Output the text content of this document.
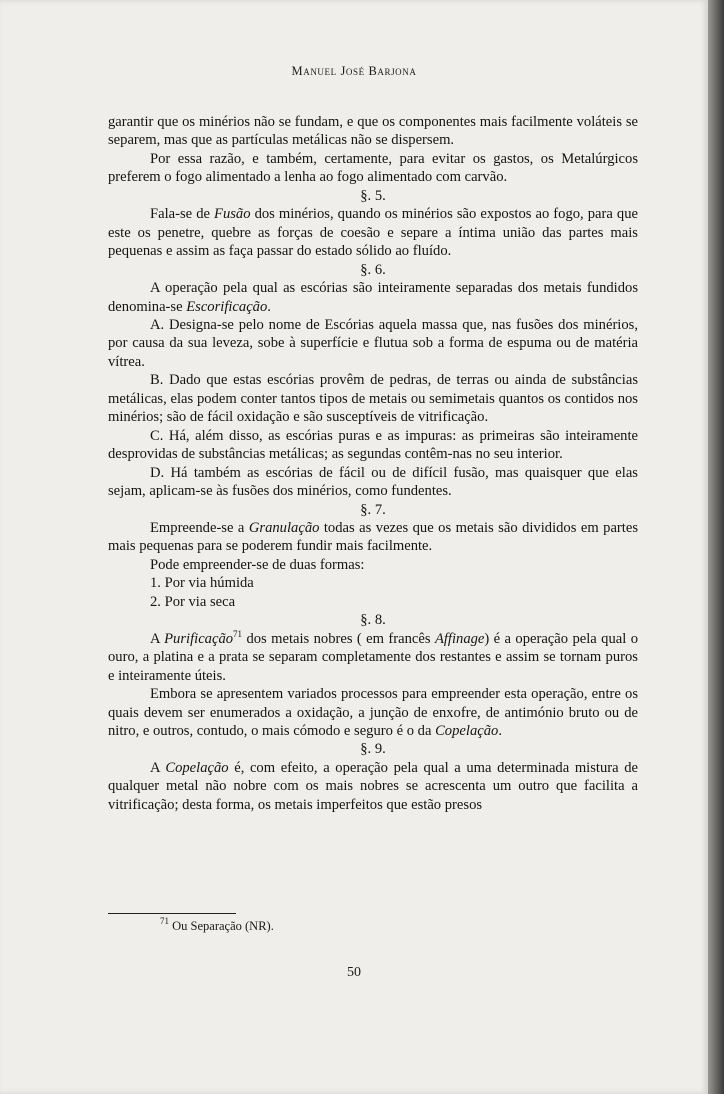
Manuel José Barjona

garantir que os minérios não se fundam, e que os componentes mais facilmente voláteis se separem, mas que as partículas metálicas não se dispersem.

Por essa razão, e também, certamente, para evitar os gastos, os Metalúrgicos preferem o fogo alimentado a lenha ao fogo alimentado com carvão.

§. 5.

Fala-se de Fusão dos minérios, quando os minérios são expostos ao fogo, para que este os penetre, quebre as forças de coesão e separe a íntima união das partes mais pequenas e assim as faça passar do estado sólido ao fluído.

§. 6.

A operação pela qual as escórias são inteiramente separadas dos metais fundidos denomina-se Escorificação.

A. Designa-se pelo nome de Escórias aquela massa que, nas fusões dos minérios, por causa da sua leveza, sobe à superfície e flutua sob a forma de espuma ou de matéria vítrea.

B. Dado que estas escórias provêm de pedras, de terras ou ainda de substâncias metálicas, elas podem conter tantos tipos de metais ou semimetais quantos os contidos nos minérios; são de fácil oxidação e são susceptíveis de vitrificação.

C. Há, além disso, as escórias puras e as impuras: as primeiras são inteiramente desprovidas de substâncias metálicas; as segundas contêm-nas no seu interior.

D. Há também as escórias de fácil ou de difícil fusão, mas quaisquer que elas sejam, aplicam-se às fusões dos minérios, como fundentes.

§. 7.

Empreende-se a Granulação todas as vezes que os metais são divididos em partes mais pequenas para se poderem fundir mais facilmente.

Pode empreender-se de duas formas:

1. Por via húmida

2. Por via seca

§. 8.

A Purificação$^{71}$ dos metais nobres ( em francês Affinage) é a operação pela qual o ouro, a platina e a prata se separam completamente dos restantes e assim se tornam puros e inteiramente úteis.

Embora se apresentem variados processos para empreender esta operação, entre os quais devem ser enumerados a oxidação, a junção de enxofre, de antimónio bruto ou de nitro, e outros, contudo, o mais cómodo e seguro é o da Copelação.

§. 9.

A Copelação é, com efeito, a operação pela qual a uma determinada mistura de qualquer metal não nobre com os mais nobres se acrescenta um outro que facilita a vitrificação; desta forma, os metais imperfeitos que estão presos

$^{71}$ Ou Separação (NR).
50
